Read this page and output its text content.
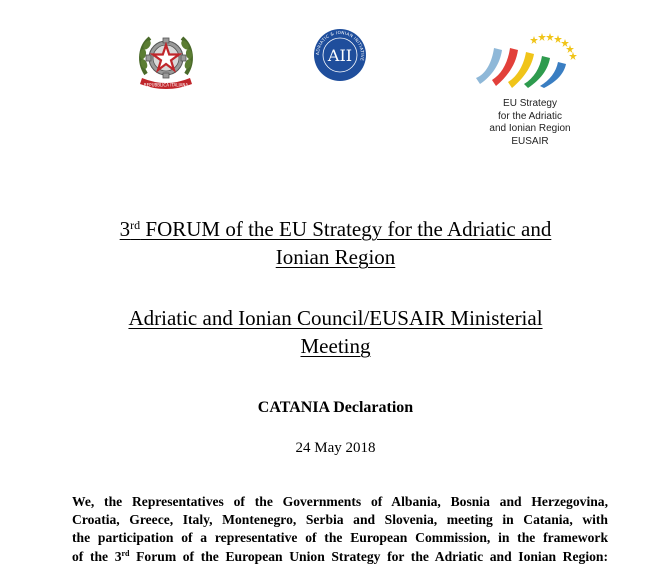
REPUBBLICA ITALIANA
ADRIATIC & IONIAN INITIATIVE
AII
EU Strategy
for the Adriatic
and Ionian Region
EUSAIR
3rd FORUM of the EU Strategy for the Adriatic and
Ionian Region
Adriatic and Ionian Council/EUSAIR Ministerial
Meeting
CATANIA Declaration
24 May 2018
We, the Representatives of the Governments of Albania, Bosnia and Herzegovina,
Croatia, Greece, Italy, Montenegro, Serbia and Slovenia, meeting in Catania, with
the participation of a representative of the European Commission, in the framework
of the 3rd Forum of the European Union Strategy for the Adriatic and Ionian Region:
